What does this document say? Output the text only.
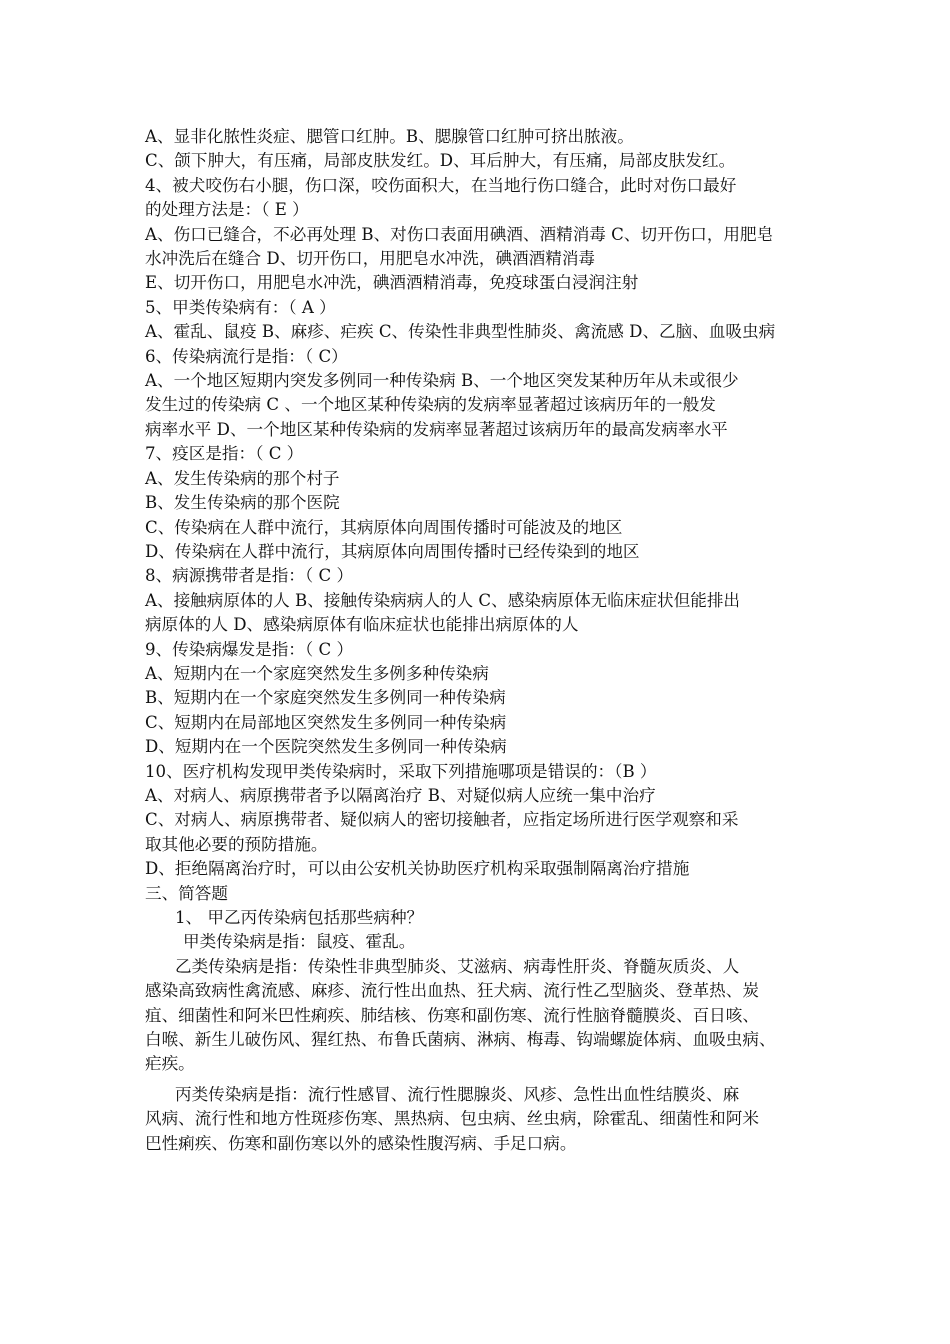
A、显非化脓性炎症、腮管口红肿。B、腮腺管口红肿可挤出脓液。
C、颌下肿大，有压痛，局部皮肤发红。D、耳后肿大，有压痛，局部皮肤发红。
4、被犬咬伤右小腿，伤口深，咬伤面积大，在当地行伤口缝合，此时对伤口最好
的处理方法是：（ E ）
A、伤口已缝合，不必再处理 B、对伤口表面用碘酒、酒精消毒 C、切开伤口，用肥皂
水冲洗后在缝合 D、切开伤口，用肥皂水冲洗，碘酒酒精消毒
E、切开伤口，用肥皂水冲洗，碘酒酒精消毒，免疫球蛋白浸润注射
5、甲类传染病有：（ A ）
A、霍乱、鼠疫 B、麻疹、疟疾 C、传染性非典型性肺炎、禽流感 D、乙脑、血吸虫病
6、传染病流行是指：（ C）
A、一个地区短期内突发多例同一种传染病 B、一个地区突发某种历年从未或很少
发生过的传染病 C 、一个地区某种传染病的发病率显著超过该病历年的一般发
病率水平 D、一个地区某种传染病的发病率显著超过该病历年的最高发病率水平
7、疫区是指：（ C ）
A、发生传染病的那个村子
B、发生传染病的那个医院
C、传染病在人群中流行，其病原体向周围传播时可能波及的地区
D、传染病在人群中流行，其病原体向周围传播时已经传染到的地区
8、病源携带者是指：（ C ）
A、接触病原体的人 B、接触传染病病人的人 C、感染病原体无临床症状但能排出
病原体的人 D、感染病原体有临床症状也能排出病原体的人
9、传染病爆发是指：（ C ）
A、短期内在一个家庭突然发生多例多种传染病
B、短期内在一个家庭突然发生多例同一种传染病
C、短期内在局部地区突然发生多例同一种传染病
D、短期内在一个医院突然发生多例同一种传染病
10、医疗机构发现甲类传染病时，采取下列措施哪项是错误的：（B ）
A、对病人、病原携带者予以隔离治疗 B、对疑似病人应统一集中治疗
C、对病人、病原携带者、疑似病人的密切接触者，应指定场所进行医学观察和采
取其他必要的预防措施。
D、拒绝隔离治疗时，可以由公安机关协助医疗机构采取强制隔离治疗措施
三、简答题
1、 甲乙丙传染病包括那些病种？
甲类传染病是指：鼠疫、霍乱。
乙类传染病是指：传染性非典型肺炎、艾滋病、病毒性肝炎、脊髓灰质炎、人
感染高致病性禽流感、麻疹、流行性出血热、狂犬病、流行性乙型脑炎、登革热、炭
疽、细菌性和阿米巴性痢疾、肺结核、伤寒和副伤寒、流行性脑脊髓膜炎、百日咳、
白喉、新生儿破伤风、猩红热、布鲁氏菌病、淋病、梅毒、钩端螺旋体病、血吸虫病、
疟疾。
丙类传染病是指：流行性感冒、流行性腮腺炎、风疹、急性出血性结膜炎、麻
风病、流行性和地方性斑疹伤寒、黑热病、包虫病、丝虫病，除霍乱、细菌性和阿米
巴性痢疾、伤寒和副伤寒以外的感染性腹泻病、手足口病。
